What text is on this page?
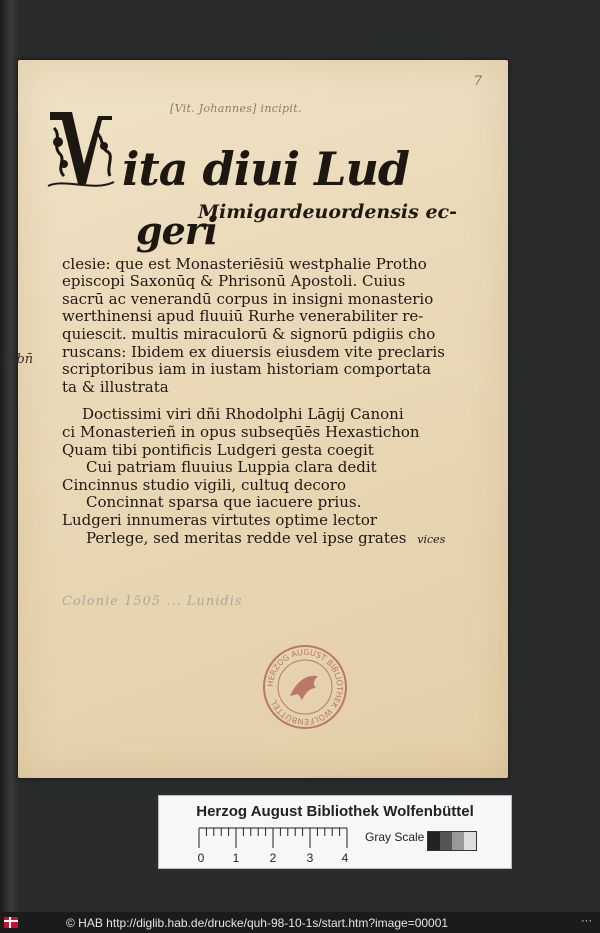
7
[Vit. Johannes] incipit.
ita diui Lud
geri
Mimigardeuordensis ec-
clesie: que est Monasteriēsiū westphalie Protho
episcopi Saxonūq & Phrisonū Apostoli. Cuius
sacrū ac venerandū corpus in insigni monasterio
werthinensi apud fluuiū Rurhe venerabiliter re-
quiescit. multis miraculorū & signorū pdigiis cho
ruscans: Ibidem ex diuersis eiusdem vite preclaris
scriptoribus iam in iustam historiam comportata
ta & illustrata
Doctissimi viri dñi Rhodolphi Lāgij Canoni
ci Monasterieñ in opus subseqūēs Hexastichon
Quam tibi pontificis Ludgeri gesta coegit
Cui patriam fluuius Luppia clara dedit
Cincinnus studio vigili, cultuq decoro
Concinnat sparsa que iacuere prius.
Ludgeri innumeras virtutes optime lector
Perlege, sed meritas redde vel ipse grates vices
Colonie 1505 ... Lunidis
HERZOG AUGUST BIBLIOTHEK WOLFENBÜTTEL
d bn̄
Herzog August Bibliothek Wolfenbüttel
0 1	2	3 4
Gray Scale
© HAB http://diglib.hab.de/drucke/quh-98-10-1s/start.htm?image=00001	···
